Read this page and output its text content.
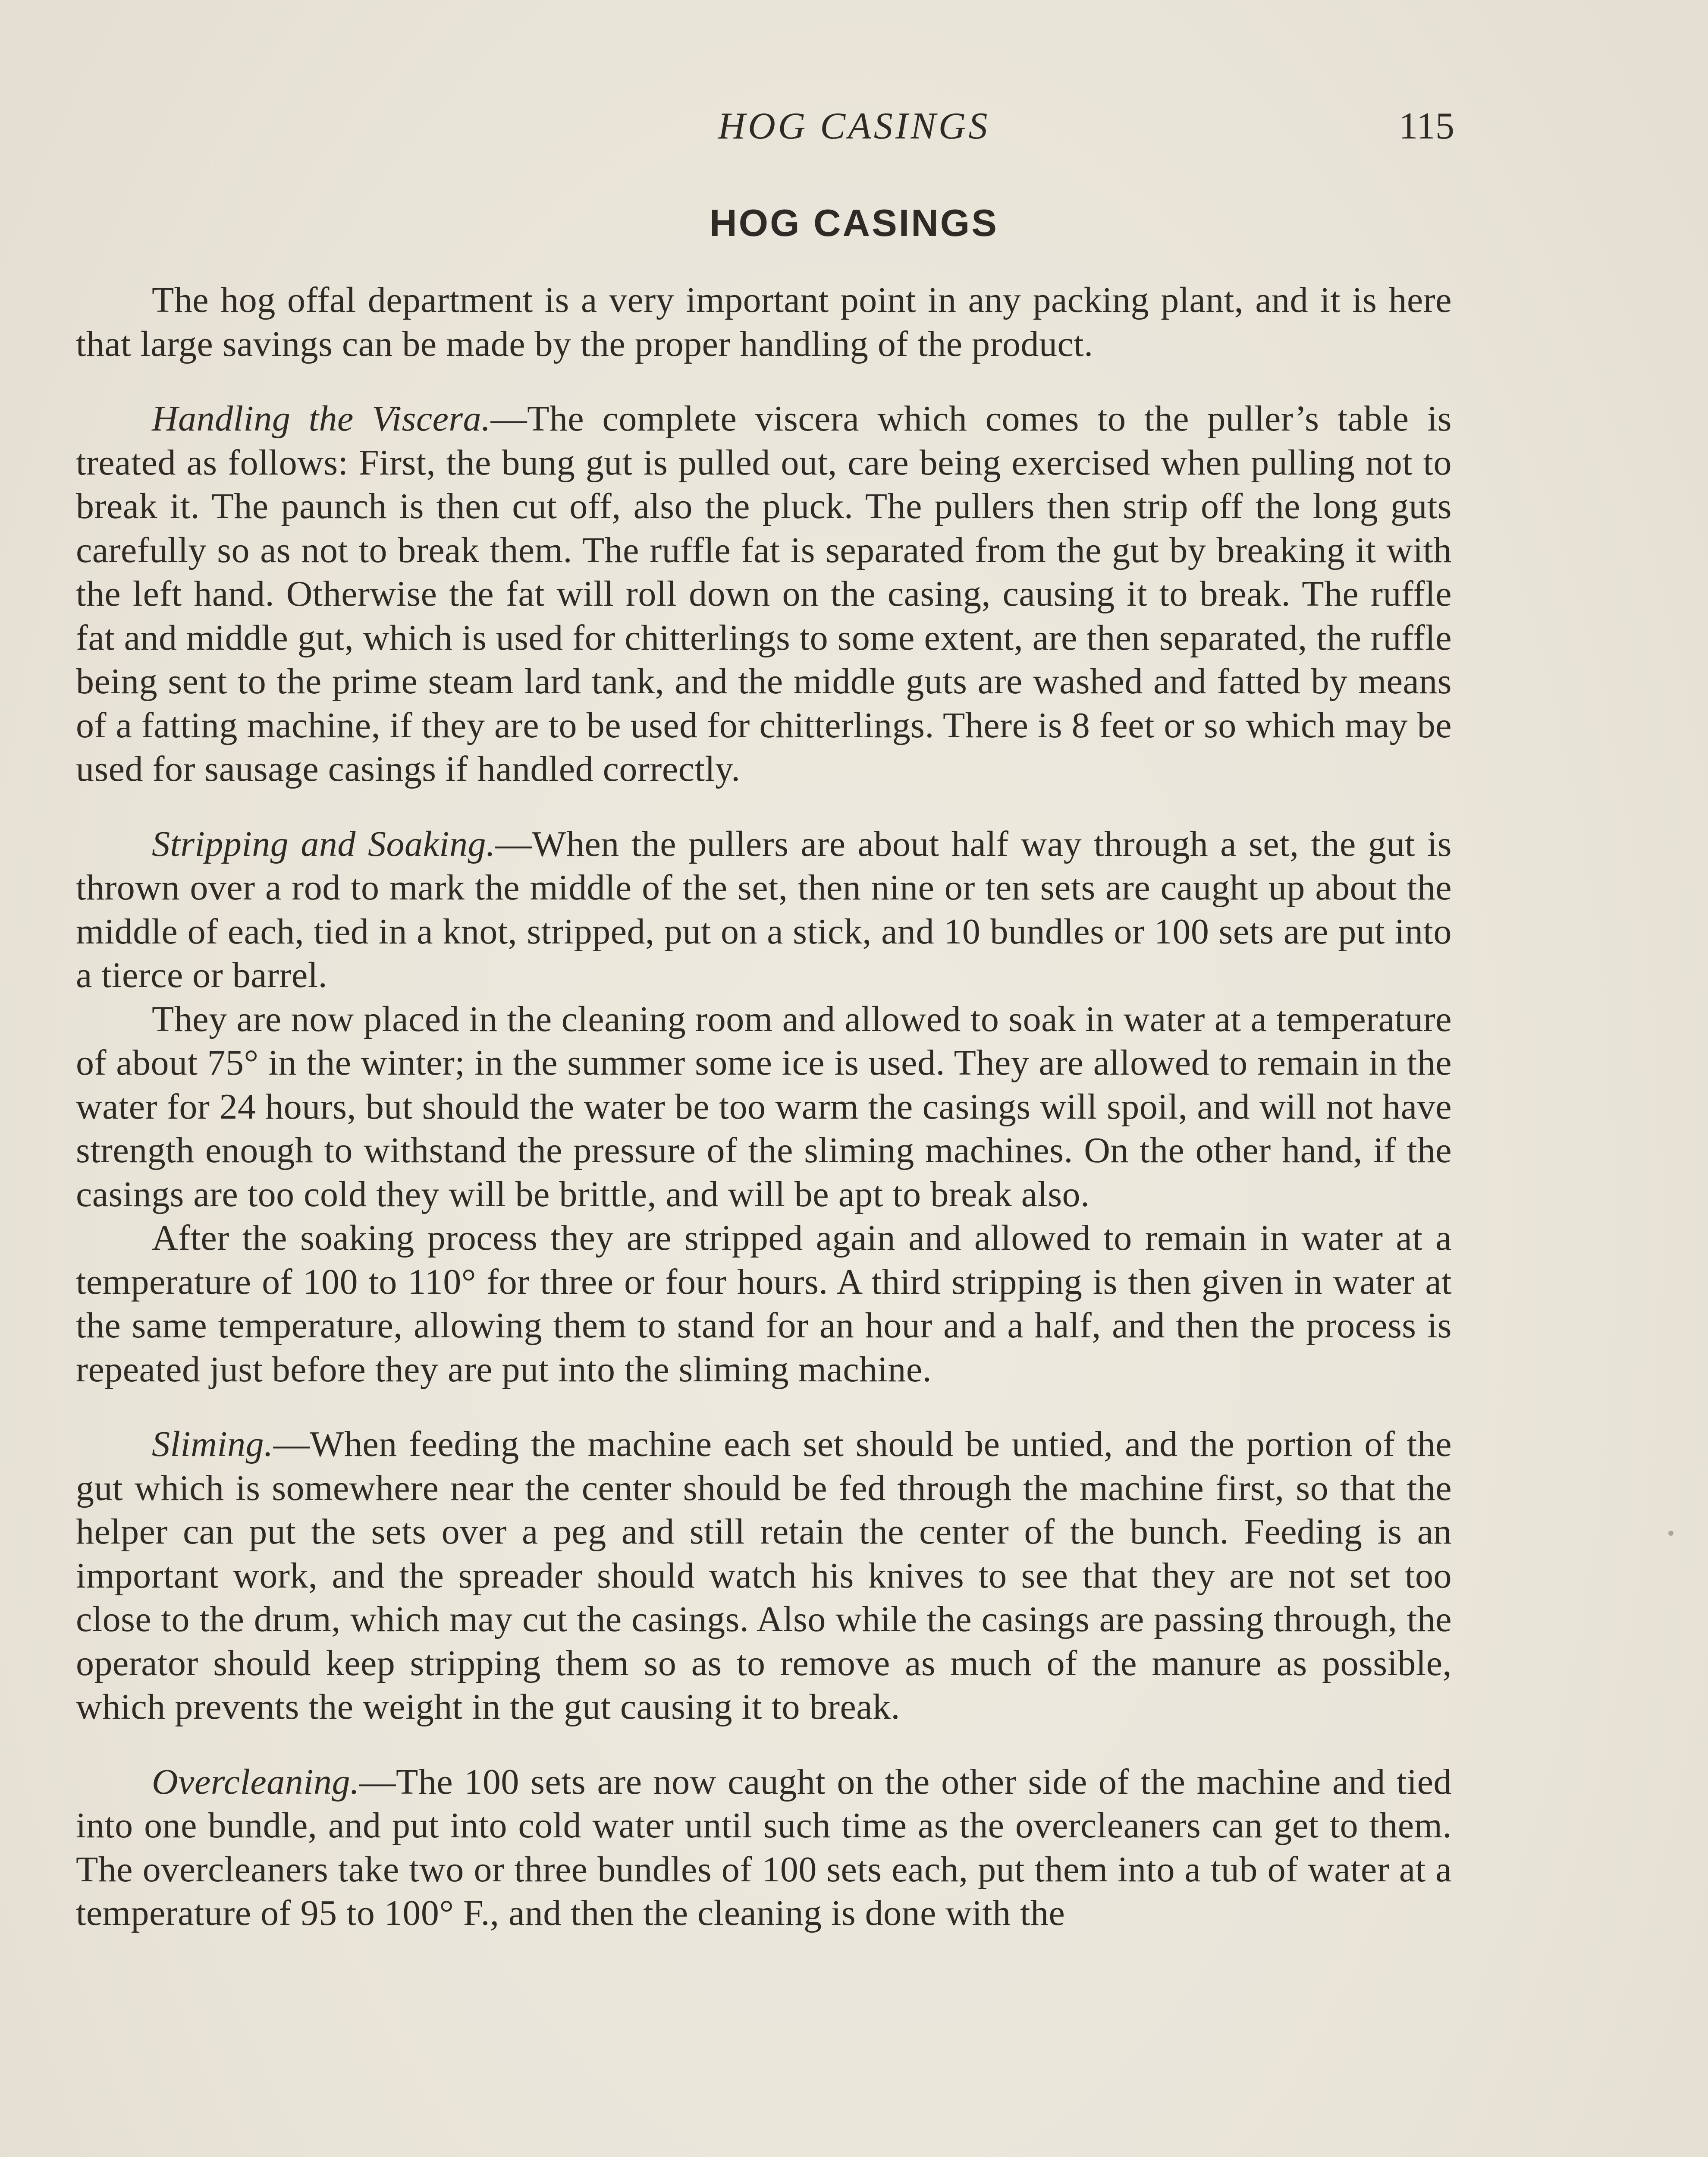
HOG CASINGS	115
HOG CASINGS

The hog offal department is a very important point in any packing plant, and it is here that large savings can be made by the proper handling of the product.

Handling the Viscera.—The complete viscera which comes to the puller’s table is treated as follows: First, the bung gut is pulled out, care being exercised when pulling not to break it. The paunch is then cut off, also the pluck. The pullers then strip off the long guts carefully so as not to break them. The ruffle fat is separated from the gut by breaking it with the left hand. Otherwise the fat will roll down on the casing, causing it to break. The ruffle fat and middle gut, which is used for chitterlings to some extent, are then separated, the ruffle being sent to the prime steam lard tank, and the middle guts are washed and fatted by means of a fatting machine, if they are to be used for chitterlings. There is 8 feet or so which may be used for sausage casings if handled correctly.

Stripping and Soaking.—When the pullers are about half way through a set, the gut is thrown over a rod to mark the middle of the set, then nine or ten sets are caught up about the middle of each, tied in a knot, stripped, put on a stick, and 10 bundles or 100 sets are put into a tierce or barrel.

They are now placed in the cleaning room and allowed to soak in water at a temperature of about 75° in the winter; in the summer some ice is used. They are allowed to remain in the water for 24 hours, but should the water be too warm the casings will spoil, and will not have strength enough to withstand the pressure of the sliming machines. On the other hand, if the casings are too cold they will be brittle, and will be apt to break also.

After the soaking process they are stripped again and allowed to remain in water at a temperature of 100 to 110° for three or four hours. A third stripping is then given in water at the same temperature, allowing them to stand for an hour and a half, and then the process is repeated just before they are put into the sliming machine.

Sliming.—When feeding the machine each set should be untied, and the portion of the gut which is somewhere near the center should be fed through the machine first, so that the helper can put the sets over a peg and still retain the center of the bunch. Feeding is an important work, and the spreader should watch his knives to see that they are not set too close to the drum, which may cut the casings. Also while the casings are passing through, the operator should keep stripping them so as to remove as much of the manure as possible, which prevents the weight in the gut causing it to break.

Overcleaning.—The 100 sets are now caught on the other side of the machine and tied into one bundle, and put into cold water until such time as the overcleaners can get to them. The overcleaners take two or three bundles of 100 sets each, put them into a tub of water at a temperature of 95 to 100° F., and then the cleaning is done with the
